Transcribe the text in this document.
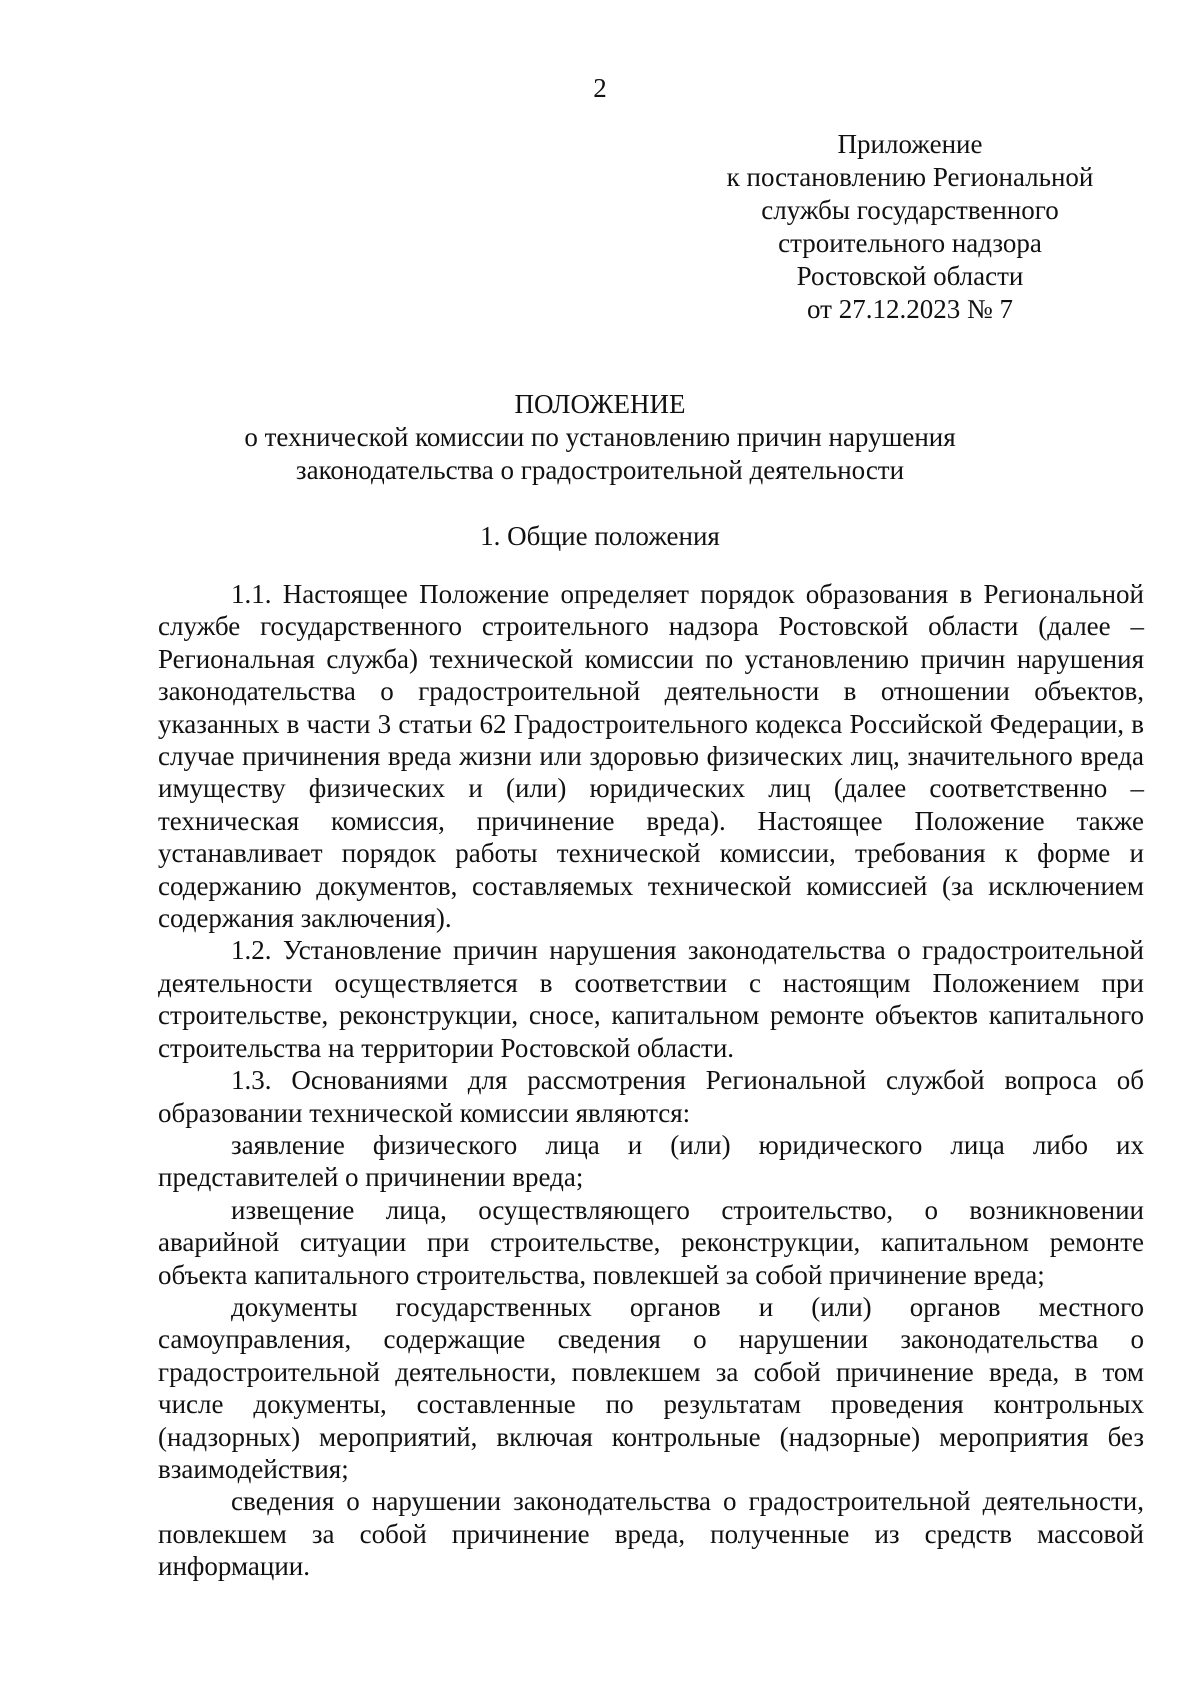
2
Приложение
к постановлению Региональной
службы государственного
строительного надзора
Ростовской области
от 27.12.2023 № 7
ПОЛОЖЕНИЕ
о технической комиссии по установлению причин нарушения
законодательства о градостроительной деятельности
1. Общие положения

1.1. Настоящее Положение определяет порядок образования в Региональной службе государственного строительного надзора Ростовской области (далее – Региональная служба) технической комиссии по установлению причин нарушения законодательства о градостроительной деятельности в отношении объектов, указанных в части 3 статьи 62 Градостроительного кодекса Российской Федерации, в случае причинения вреда жизни или здоровью физических лиц, значительного вреда имуществу физических и (или) юридических лиц (далее соответственно – техническая комиссия, причинение вреда). Настоящее Положение также устанавливает порядок работы технической комиссии, требования к форме и содержанию документов, составляемых технической комиссией (за исключением содержания заключения).

1.2. Установление причин нарушения законодательства о градостроительной деятельности осуществляется в соответствии с настоящим Положением при строительстве, реконструкции, сносе, капитальном ремонте объектов капитального строительства на территории Ростовской области.

1.3. Основаниями для рассмотрения Региональной службой вопроса об образовании технической комиссии являются:

заявление физического лица и (или) юридического лица либо их представителей о причинении вреда;

извещение лица, осуществляющего строительство, о возникновении аварийной ситуации при строительстве, реконструкции, капитальном ремонте объекта капитального строительства, повлекшей за собой причинение вреда;

документы государственных органов и (или) органов местного самоуправления, содержащие сведения о нарушении законодательства о градостроительной деятельности, повлекшем за собой причинение вреда, в том числе документы, составленные по результатам проведения контрольных (надзорных) мероприятий, включая контрольные (надзорные) мероприятия без взаимодействия;

сведения о нарушении законодательства о градостроительной деятельности, повлекшем за собой причинение вреда, полученные из средств массовой информации.
